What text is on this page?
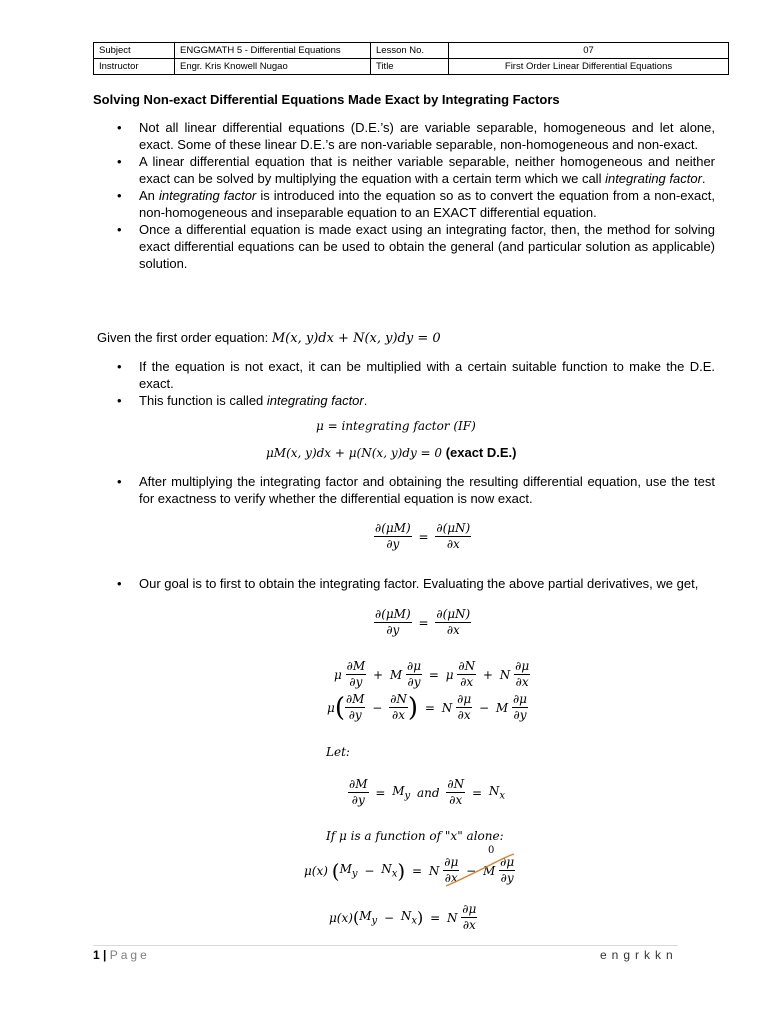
Subject	ENGGMATH 5 - Differential Equations	Lesson No.	07
Instructor	Engr. Kris Knowell Nugao	Title	First Order Linear Differential Equations
Solving Non-exact Differential Equations Made Exact by Integrating Factors
• Not all linear differential equations (D.E.’s) are variable separable, homogeneous and let alone, exact. Some of these linear D.E.’s are non-variable separable, non-homogeneous and non-exact.
• A linear differential equation that is neither variable separable, neither homogeneous and neither exact can be solved by multiplying the equation with a certain term which we call integrating factor.
• An integrating factor is introduced into the equation so as to convert the equation from a non-exact, non-homogeneous and inseparable equation to an EXACT differential equation.
• Once a differential equation is made exact using an integrating factor, then, the method for solving exact differential equations can be used to obtain the general (and particular solution as applicable) solution.
Given the first order equation: M(x, y)dx + N(x, y)dy = 0
• If the equation is not exact, it can be multiplied with a certain suitable function to make the D.E. exact.
• This function is called integrating factor.
μ = integrating factor (IF)
μM(x, y)dx + μ(N(x, y)dy = 0 (exact D.E.)
• After multiplying the integrating factor and obtaining the resulting differential equation, use the test for exactness to verify whether the differential equation is now exact.
$\frac{\partial(\mu M)}{\partial y} = \frac{\partial(\mu N)}{\partial x}$
• Our goal is to first to obtain the integrating factor. Evaluating the above partial derivatives, we get,
$\frac{\partial(\mu M)}{\partial y} = \frac{\partial(\mu N)}{\partial x}$
μ $\frac{\partial M}{\partial y} + M \frac{\partial\mu}{\partial y} = \mu \frac{\partial N}{\partial x} + N \frac{\partial\mu}{\partial x}$
$\mu( \frac{\partial M}{\partial y} - \frac{\partial N}{\partial x}$ ) = N $\frac{\partial\mu}{\partial x} - M \frac{\partial\mu}{\partial y}$
Let:
$\frac{\partial M}{\partial y} = M_y$ and $\frac{\partial N}{\partial x} = N_x$
If μ is a function of "x" alone:
μ(x) $(M_y - N_x) = N \frac{\partial\mu}{\partial x} - M \frac{\partial\mu}{\partial y}$
0
$\mu(x)(M_y - N_x) = N \frac{\partial\mu}{\partial x}$
1 | Page	engrkkn
